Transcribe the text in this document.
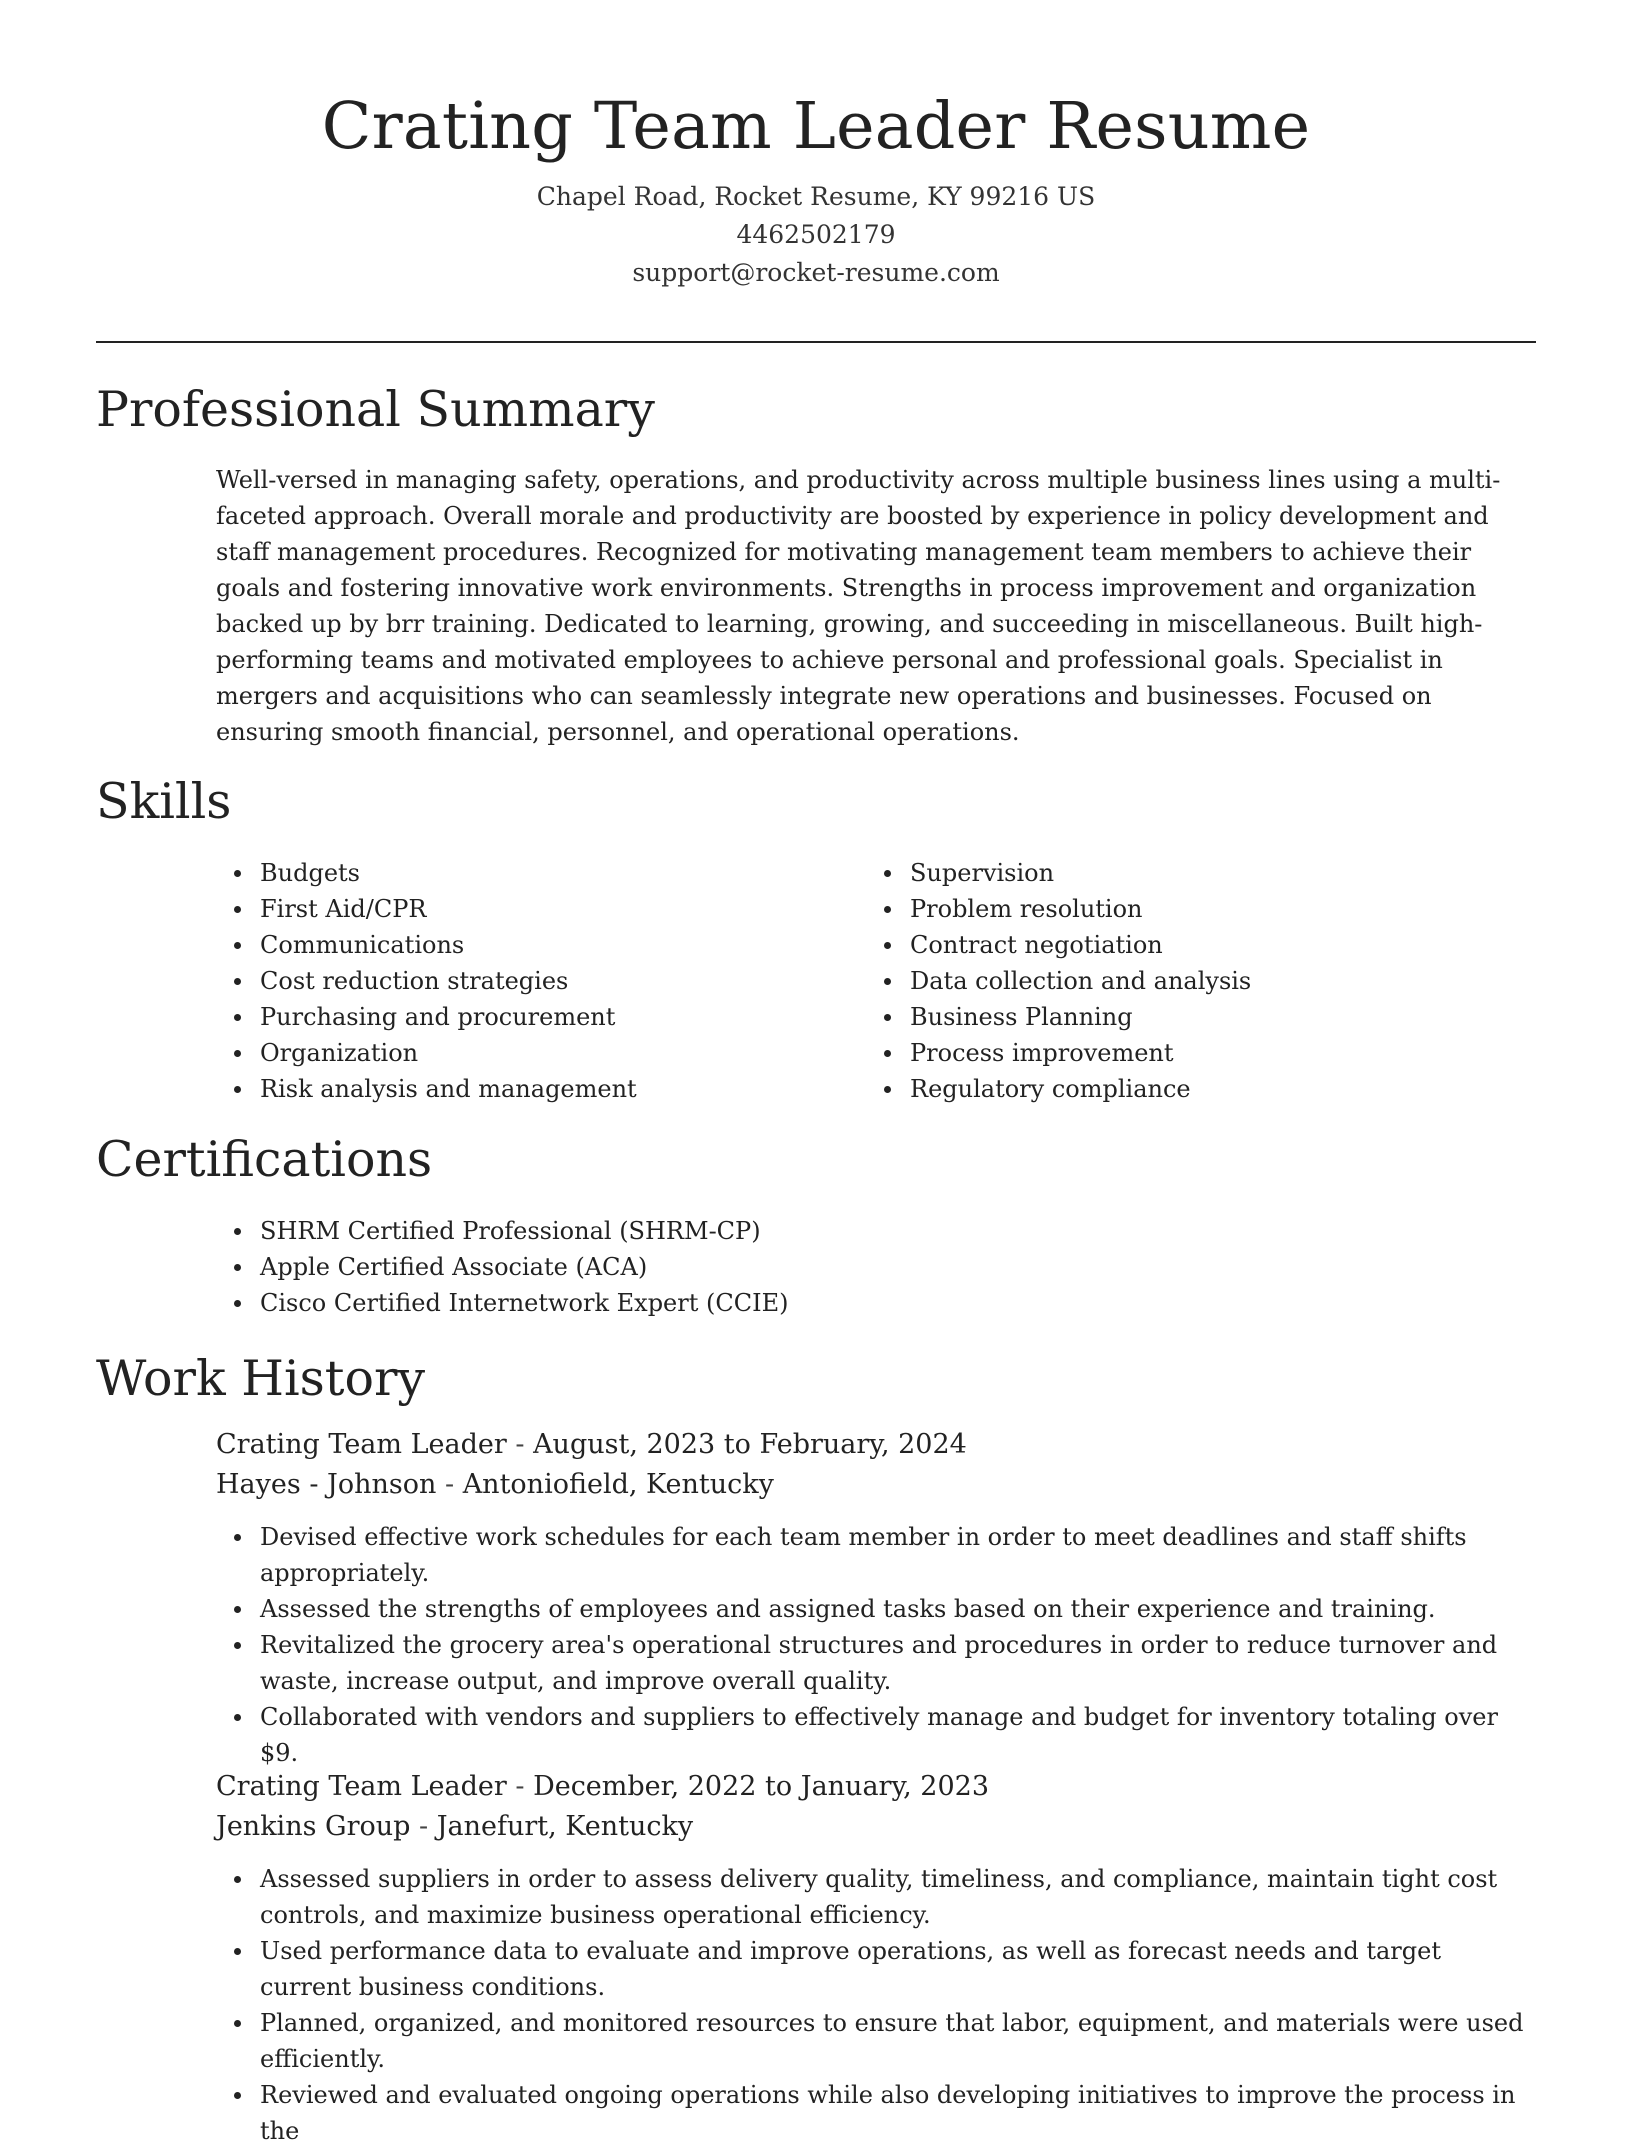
Crating Team Leader Resume
Chapel Road, Rocket Resume, KY 99216 US
4462502179
support@rocket-resume.com
Professional Summary

Well-versed in managing safety, operations, and productivity across multiple business lines using a multi-faceted approach. Overall morale and productivity are boosted by experience in policy development and staff management procedures. Recognized for motivating management team members to achieve their goals and fostering innovative work environments. Strengths in process improvement and organization backed up by brr training. Dedicated to learning, growing, and succeeding in miscellaneous. Built high-performing teams and motivated employees to achieve personal and professional goals. Specialist in mergers and acquisitions who can seamlessly integrate new operations and businesses. Focused on ensuring smooth financial, personnel, and operational operations.

Skills
Budgets
First Aid/CPR
Communications
Cost reduction strategies
Purchasing and procurement
Organization
Risk analysis and management
Supervision
Problem resolution
Contract negotiation
Data collection and analysis
Business Planning
Process improvement
Regulatory compliance
Certifications
SHRM Certified Professional (SHRM-CP)
Apple Certified Associate (ACA)
Cisco Certified Internetwork Expert (CCIE)
Work History
Crating Team Leader - August, 2023 to February, 2024
Hayes - Johnson - Antoniofield, Kentucky
Devised effective work schedules for each team member in order to meet deadlines and staff shifts appropriately.
Assessed the strengths of employees and assigned tasks based on their experience and training.
Revitalized the grocery area's operational structures and procedures in order to reduce turnover and waste, increase output, and improve overall quality.
Collaborated with vendors and suppliers to effectively manage and budget for inventory totaling over $9.
Crating Team Leader - December, 2022 to January, 2023
Jenkins Group - Janefurt, Kentucky
Assessed suppliers in order to assess delivery quality, timeliness, and compliance, maintain tight cost controls, and maximize business operational efficiency.
Used performance data to evaluate and improve operations, as well as forecast needs and target current business conditions.
Planned, organized, and monitored resources to ensure that labor, equipment, and materials were used efficiently.
Reviewed and evaluated ongoing operations while also developing initiatives to improve the process in the
